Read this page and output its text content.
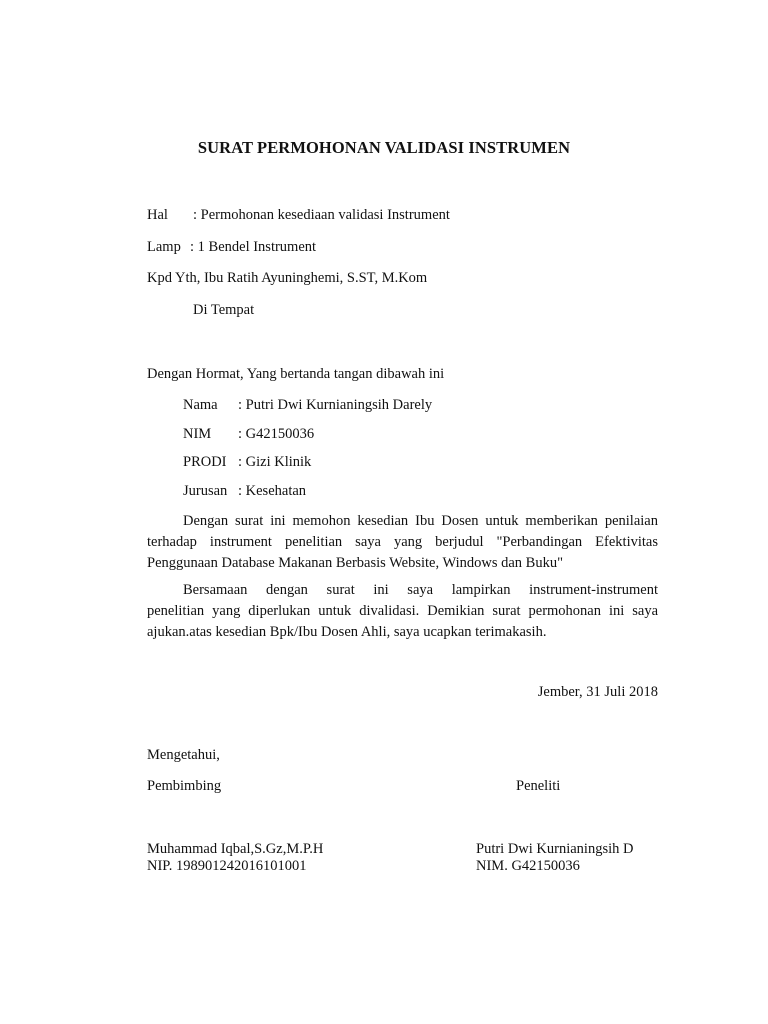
SURAT PERMOHONAN VALIDASI INSTRUMEN
Hal : Permohonan kesediaan validasi Instrument
Lamp : 1 Bendel Instrument
Kpd Yth, Ibu Ratih Ayuninghemi, S.ST, M.Kom
Di Tempat
Dengan Hormat, Yang bertanda tangan dibawah ini
Nama : Putri Dwi Kurnianingsih Darely
NIM : G42150036
PRODI : Gizi Klinik
Jurusan : Kesehatan
Dengan surat ini memohon kesedian Ibu Dosen untuk memberikan penilaian
terhadap instrument penelitian saya yang berjudul "Perbandingan Efektivitas
Penggunaan Database Makanan Berbasis Website, Windows dan Buku"
Bersamaan dengan surat ini saya lampirkan instrument-instrument
penelitian yang diperlukan untuk divalidasi. Demikian surat permohonan ini saya
ajukan.atas kesedian Bpk/Ibu Dosen Ahli, saya ucapkan terimakasih.
Jember, 31 Juli 2018
Mengetahui,
Pembimbing	Peneliti
Muhammad Iqbal,S.Gz,M.P.H
NIP. 198901242016101001
Putri Dwi Kurnianingsih D
NIM. G42150036
